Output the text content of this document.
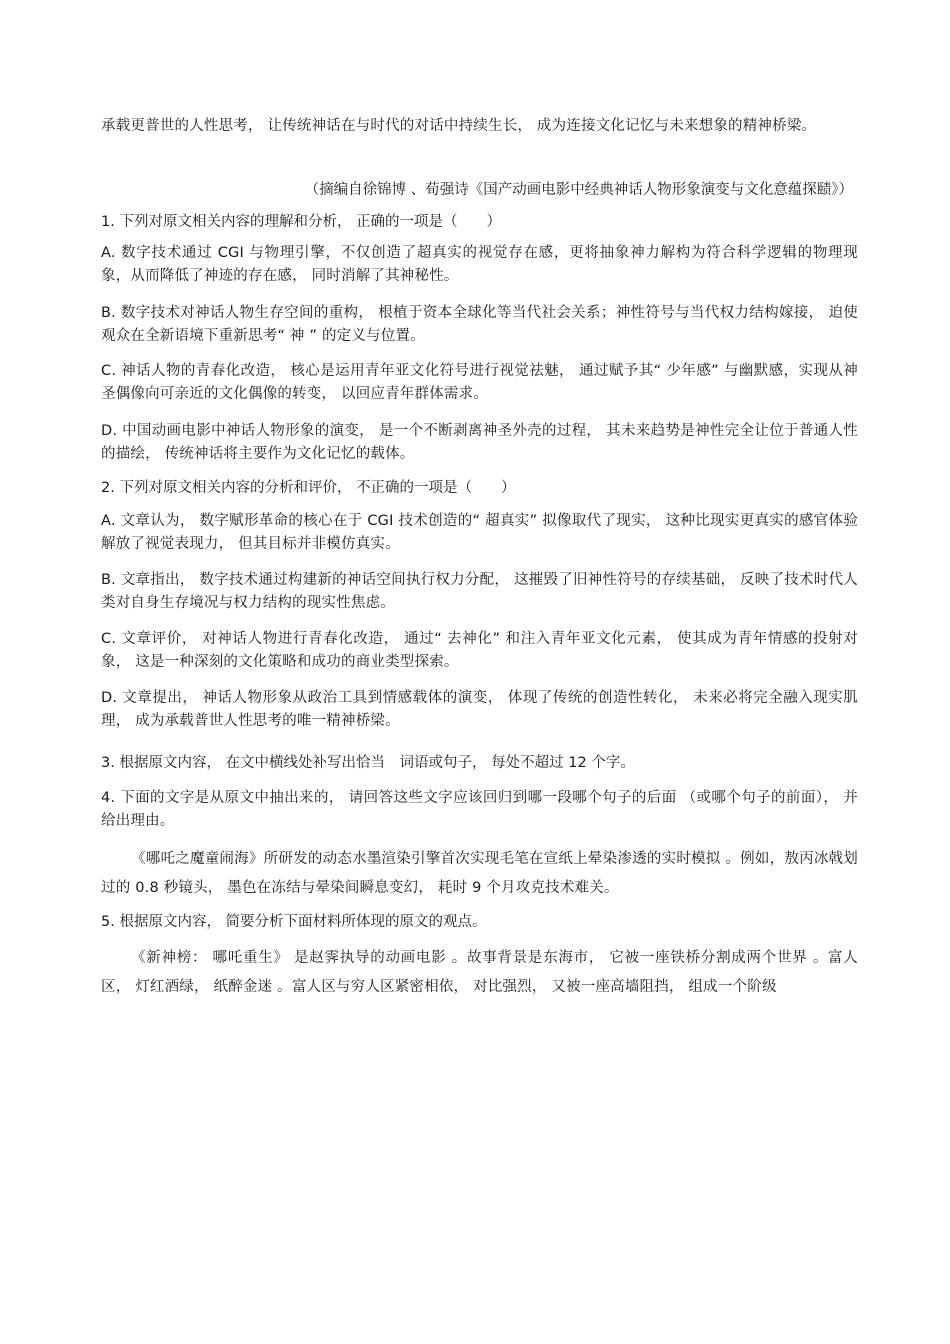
承载更普世的人性思考， 让传统神话在与时代的对话中持续生长， 成为连接文化记忆与未来想象的精神桥梁。

（摘编自徐锦博 、荀强诗《国产动画电影中经典神话人物形象演变与文化意蕴探赜》）

1. 下列对原文相关内容的理解和分析， 正确的一项是（　　）

A. 数字技术通过 CGI 与物理引擎，不仅创造了超真实的视觉存在感，更将抽象神力解构为符合科学逻辑的物理现象，从而降低了神迹的存在感， 同时消解了其神秘性。

B. 数字技术对神话人物生存空间的重构， 根植于资本全球化等当代社会关系；神性符号与当代权力结构嫁接， 迫使观众在全新语境下重新思考“ 神 ” 的定义与位置。

C. 神话人物的青春化改造， 核心是运用青年亚文化符号进行视觉祛魅， 通过赋予其“ 少年感” 与幽默感，实现从神圣偶像向可亲近的文化偶像的转变， 以回应青年群体需求。

D. 中国动画电影中神话人物形象的演变， 是一个不断剥离神圣外壳的过程， 其未来趋势是神性完全让位于普通人性的描绘， 传统神话将主要作为文化记忆的载体。

2. 下列对原文相关内容的分析和评价， 不正确的一项是（　　）

A. 文章认为， 数字赋形革命的核心在于 CGI 技术创造的“ 超真实” 拟像取代了现实， 这种比现实更真实的感官体验解放了视觉表现力， 但其目标并非模仿真实。

B. 文章指出， 数字技术通过构建新的神话空间执行权力分配， 这摧毁了旧神性符号的存续基础， 反映了技术时代人类对自身生存境况与权力结构的现实性焦虑。

C. 文章评价， 对神话人物进行青春化改造， 通过“ 去神化” 和注入青年亚文化元素， 使其成为青年情感的投射对象， 这是一种深刻的文化策略和成功的商业类型探索。

D. 文章提出， 神话人物形象从政治工具到情感载体的演变， 体现了传统的创造性转化， 未来必将完全融入现实肌理， 成为承载普世人性思考的唯一精神桥梁。

3. 根据原文内容， 在文中横线处补写出恰当　词语或句子， 每处不超过 12 个字。

4. 下面的文字是从原文中抽出来的， 请回答这些文字应该回归到哪一段哪个句子的后面 （或哪个句子的前面）， 并给出理由。

《哪吒之魔童闹海》所研发的动态水墨渲染引擎首次实现毛笔在宣纸上晕染渗透的实时模拟 。例如，敖丙冰戟划过的 0.8 秒镜头， 墨色在冻结与晕染间瞬息变幻， 耗时 9 个月攻克技术难关。

5. 根据原文内容， 简要分析下面材料所体现的原文的观点。

《新神榜： 哪吒重生》 是赵霁执导的动画电影 。故事背景是东海市， 它被一座铁桥分割成两个世界 。富人区， 灯红酒绿， 纸醉金迷 。富人区与穷人区紧密相依， 对比强烈， 又被一座高墙阻挡， 组成一个阶级
